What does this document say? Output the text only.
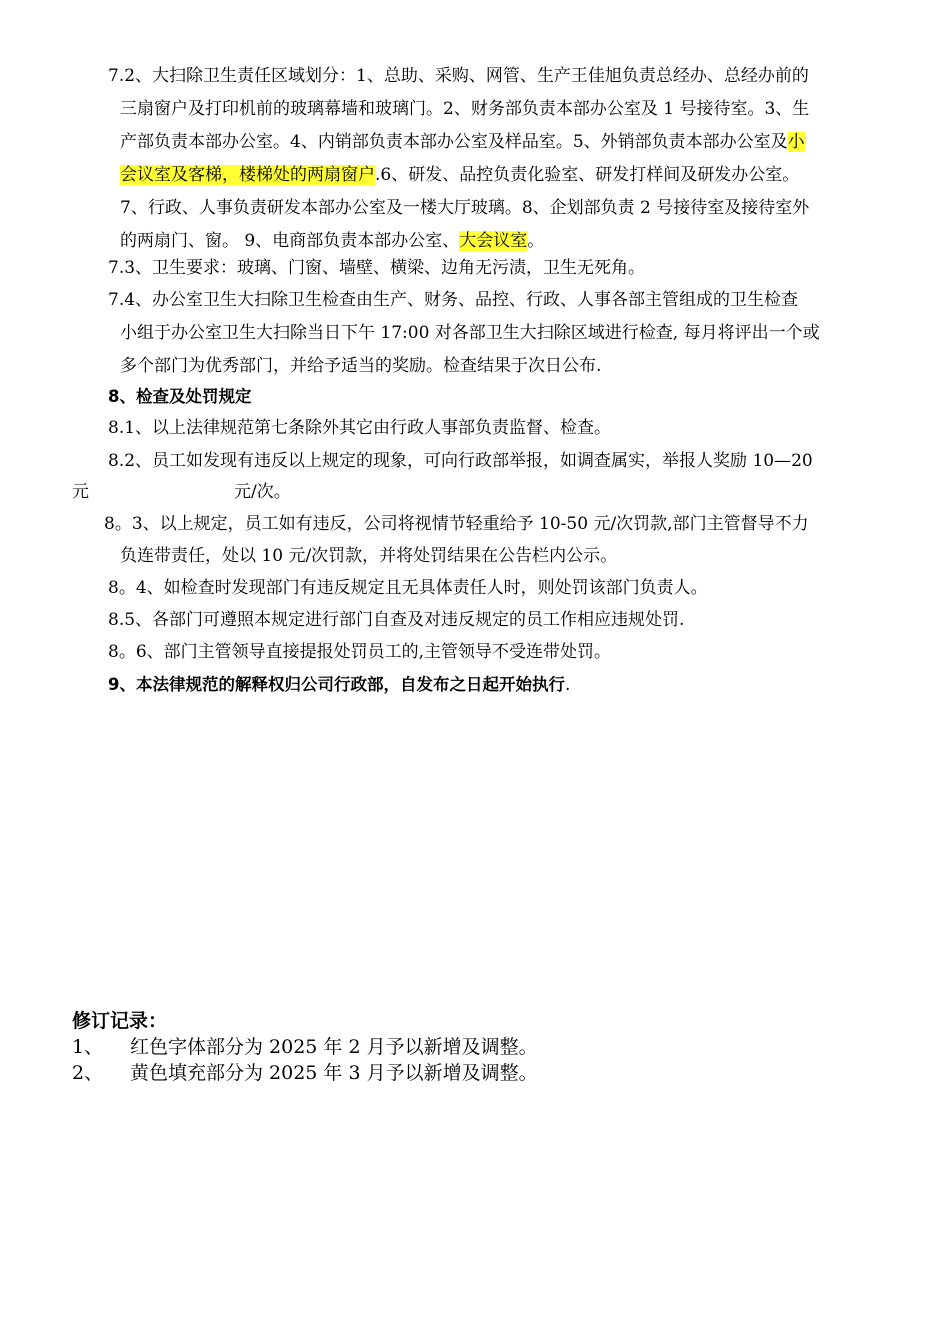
7.2、大扫除卫生责任区域划分：1、总助、采购、网管、生产王佳旭负责总经办、总经办前的
三扇窗户及打印机前的玻璃幕墙和玻璃门。2、财务部负责本部办公室及 1 号接待室。3、生
产部负责本部办公室。4、内销部负责本部办公室及样品室。5、外销部负责本部办公室及小
会议室及客梯，楼梯处的两扇窗户.6、研发、品控负责化验室、研发打样间及研发办公室。
7、行政、人事负责研发本部办公室及一楼大厅玻璃。8、企划部负责 2 号接待室及接待室外
的两扇门、窗。 9、电商部负责本部办公室、大会议室。
7.3、卫生要求：玻璃、门窗、墙壁、横梁、边角无污渍，卫生无死角。
7.4、办公室卫生大扫除卫生检查由生产、财务、品控、行政、人事各部主管组成的卫生检查
小组于办公室卫生大扫除当日下午 17:00 对各部卫生大扫除区域进行检查, 每月将评出一个或
多个部门为优秀部门，并给予适当的奖励。检查结果于次日公布.
8、检查及处罚规定
8.1、以上法律规范第七条除外其它由行政人事部负责监督、检查。
8.2、员工如发现有违反以上规定的现象，可向行政部举报，如调查属实，举报人奖励 10—20
元	元/次。
8。3、以上规定，员工如有违反，公司将视情节轻重给予 10-50 元/次罚款,部门主管督导不力
负连带责任，处以 10 元/次罚款，并将处罚结果在公告栏内公示。
8。4、如检查时发现部门有违反规定且无具体责任人时，则处罚该部门负责人。
8.5、各部门可遵照本规定进行部门自查及对违反规定的员工作相应违规处罚.
8。6、部门主管领导直接提报处罚员工的,主管领导不受连带处罚。
9、本法律规范的解释权归公司行政部，自发布之日起开始执行.
修订记录：
1、 红色字体部分为 2025 年 2 月予以新增及调整。
2、 黄色填充部分为 2025 年 3 月予以新增及调整。
